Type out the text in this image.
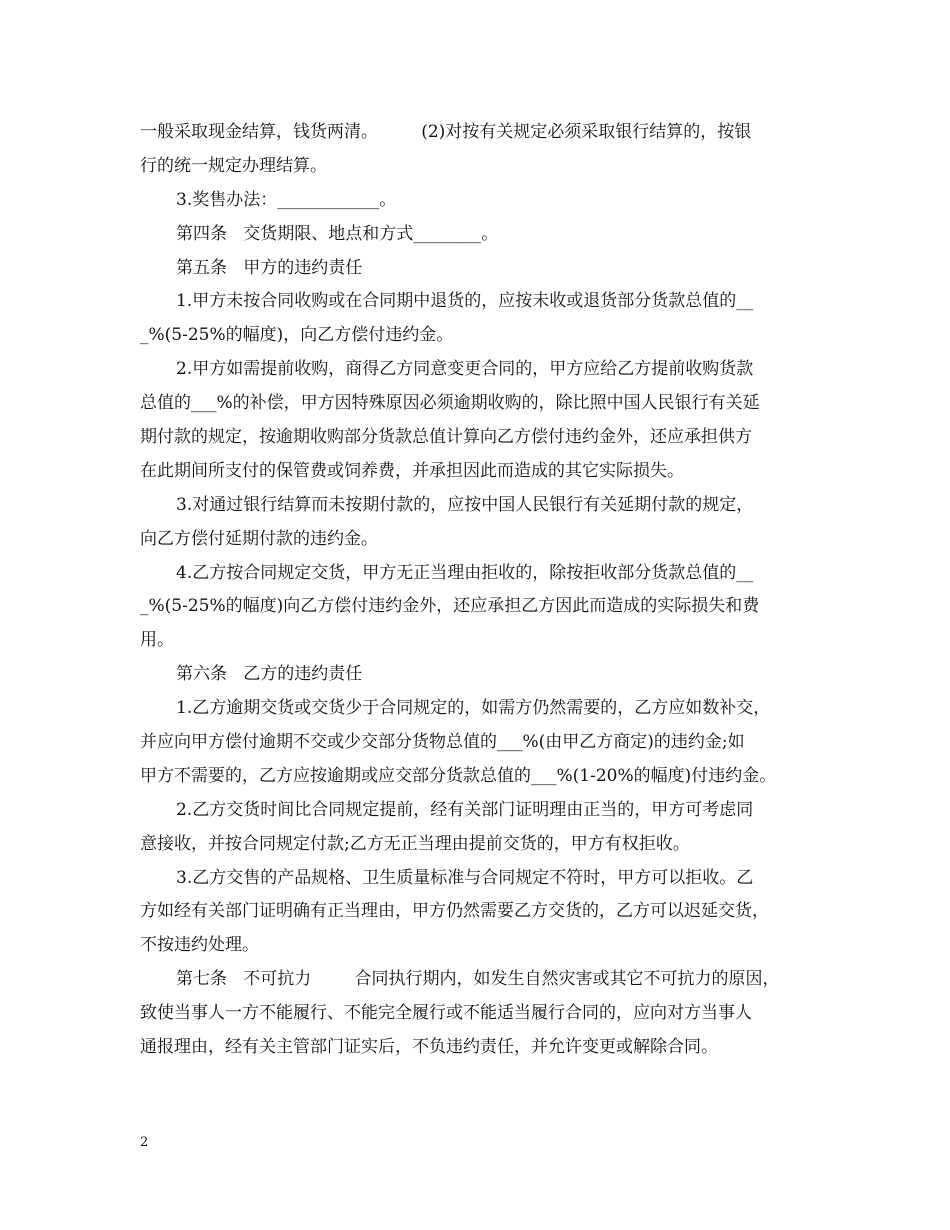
一般采取现金结算，钱货两清。        (2)对按有关规定必须采取银行结算的，按银
行的统一规定办理结算。
3.奖售办法：____________。
第四条   交货期限、地点和方式________。
第五条   甲方的违约责任
1.甲方未按合同收购或在合同期中退货的，应按未收或退货部分货款总值的__
_%(5-25%的幅度)，向乙方偿付违约金。
2.甲方如需提前收购，商得乙方同意变更合同的，甲方应给乙方提前收购货款
总值的___%的补偿，甲方因特殊原因必须逾期收购的，除比照中国人民银行有关延
期付款的规定，按逾期收购部分货款总值计算向乙方偿付违约金外，还应承担供方
在此期间所支付的保管费或饲养费，并承担因此而造成的其它实际损失。
3.对通过银行结算而未按期付款的，应按中国人民银行有关延期付款的规定，
向乙方偿付延期付款的违约金。
4.乙方按合同规定交货，甲方无正当理由拒收的，除按拒收部分货款总值的__
_%(5-25%的幅度)向乙方偿付违约金外，还应承担乙方因此而造成的实际损失和费
用。
第六条   乙方的违约责任
1.乙方逾期交货或交货少于合同规定的，如需方仍然需要的，乙方应如数补交，
并应向甲方偿付逾期不交或少交部分货物总值的___%(由甲乙方商定)的违约金;如
甲方不需要的，乙方应按逾期或应交部分货款总值的___%(1-20%的幅度)付违约金。
2.乙方交货时间比合同规定提前，经有关部门证明理由正当的，甲方可考虑同
意接收，并按合同规定付款;乙方无正当理由提前交货的，甲方有权拒收。
3.乙方交售的产品规格、卫生质量标准与合同规定不符时，甲方可以拒收。乙
方如经有关部门证明确有正当理由，甲方仍然需要乙方交货的，乙方可以迟延交货，
不按违约处理。
第七条   不可抗力        合同执行期内，如发生自然灾害或其它不可抗力的原因，
致使当事人一方不能履行、不能完全履行或不能适当履行合同的，应向对方当事人
通报理由，经有关主管部门证实后，不负违约责任，并允许变更或解除合同。
2
